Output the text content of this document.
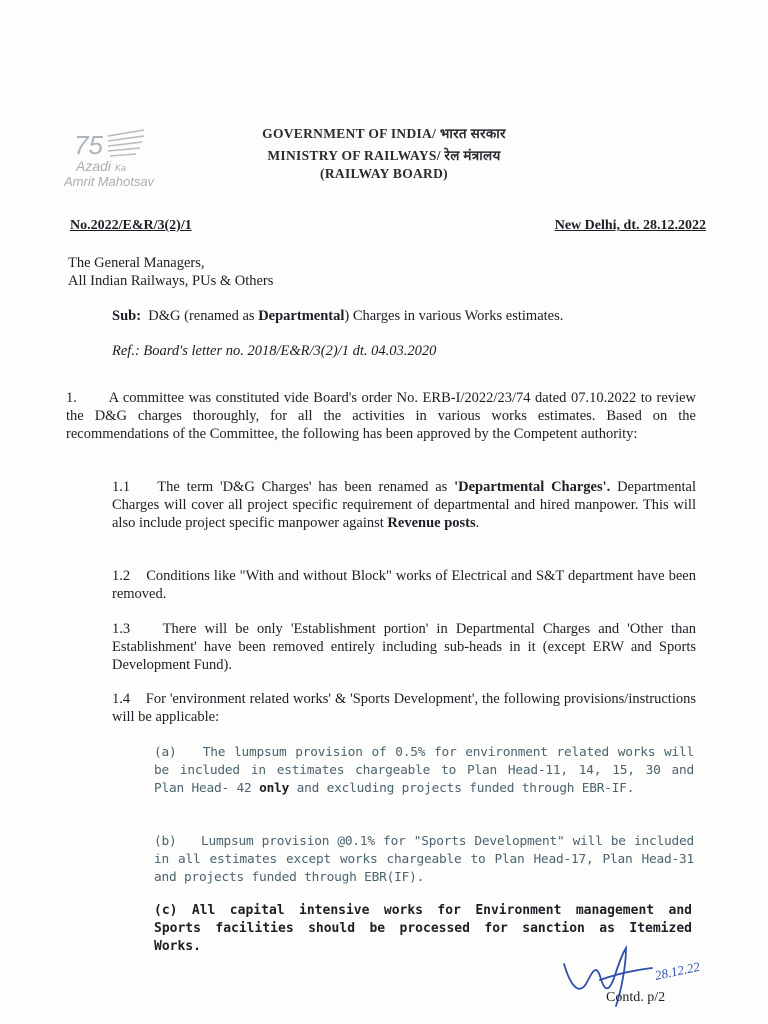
75
Azadi Ka
Amrit Mahotsav
GOVERNMENT OF INDIA/ भारत सरकार
MINISTRY OF RAILWAYS/ रेल मंत्रालय
(RAILWAY BOARD)
No.2022/E&R/3(2)/1	New Delhi, dt. 28.12.2022
The General Managers,
All Indian Railways, PUs & Others
Sub: D&G (renamed as Departmental) Charges in various Works estimates.
Ref.: Board's letter no. 2018/E&R/3(2)/1 dt. 04.03.2020
1. A committee was constituted vide Board's order No. ERB-I/2022/23/74 dated 07.10.2022 to review the D&G charges thoroughly, for all the activities in various works estimates. Based on the recommendations of the Committee, the following has been approved by the Competent authority:
1.1 The term 'D&G Charges' has been renamed as 'Departmental Charges'. Departmental Charges will cover all project specific requirement of departmental and hired manpower. This will also include project specific manpower against Revenue posts.
1.2 Conditions like "With and without Block" works of Electrical and S&T department have been removed.
1.3 There will be only 'Establishment portion' in Departmental Charges and 'Other than Establishment' have been removed entirely including sub-heads in it (except ERW and Sports Development Fund).
1.4 For 'environment related works' & 'Sports Development', the following provisions/instructions will be applicable:
(a) The lumpsum provision of 0.5% for environment related works will be included in estimates chargeable to Plan Head-11, 14, 15, 30 and Plan Head- 42 only and excluding projects funded through EBR-IF.
(b) Lumpsum provision @0.1% for "Sports Development" will be included in all estimates except works chargeable to Plan Head-17, Plan Head-31 and projects funded through EBR(IF).
(c) All capital intensive works for Environment management and Sports facilities should be processed for sanction as Itemized Works.
28.12.22
Contd. p/2
